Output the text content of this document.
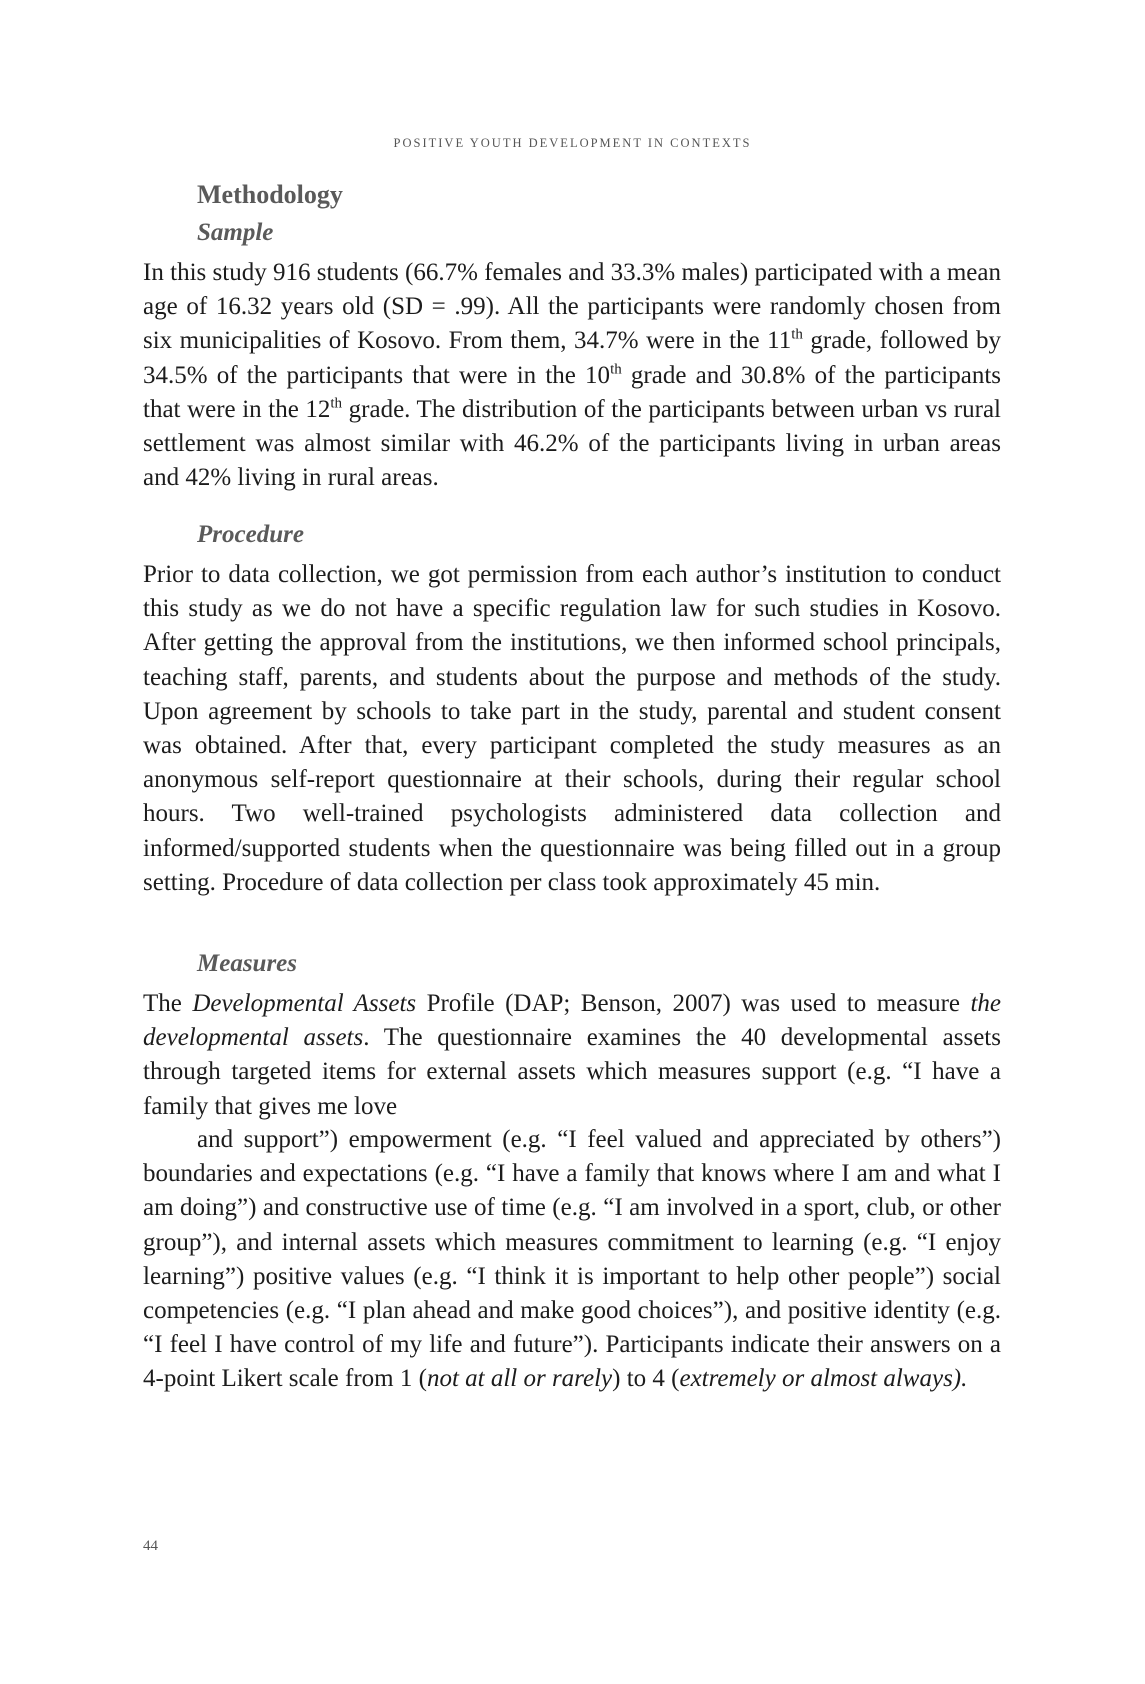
POSITIVE YOUTH DEVELOPMENT IN CONTEXTS
Methodology
Sample

In this study 916 students (66.7% females and 33.3% males) participated with a mean age of 16.32 years old (SD = .99). All the participants were randomly chosen from six municipalities of Kosovo. From them, 34.7% were in the 11th grade, followed by 34.5% of the participants that were in the 10th grade and 30.8% of the participants that were in the 12th grade. The distribution of the participants between urban vs rural settlement was almost similar with 46.2% of the participants living in urban areas and 42% living in rural areas.

Procedure

Prior to data collection, we got permission from each author’s institution to conduct this study as we do not have a specific regulation law for such studies in Kosovo. After getting the approval from the institutions, we then informed school principals, teaching staff, parents, and students about the purpose and methods of the study. Upon agreement by schools to take part in the study, parental and student consent was obtained. After that, every participant completed the study measures as an anonymous self-report questionnaire at their schools, during their regular school hours. Two well-trained psychologists administered data collection and informed/supported students when the questionnaire was being filled out in a group setting. Procedure of data collection per class took approximately 45 min.

Measures

The Developmental Assets Profile (DAP; Benson, 2007) was used to measure the developmental assets. The questionnaire examines the 40 developmental assets through targeted items for external assets which measures support (e.g. “I have a family that gives me love

and support”) empowerment (e.g. “I feel valued and appreciated by others”) boundaries and expectations (e.g. “I have a family that knows where I am and what I am doing”) and constructive use of time (e.g. “I am involved in a sport, club, or other group”), and internal assets which measures commitment to learning (e.g. “I enjoy learning”) positive values (e.g. “I think it is important to help other people”) social competencies (e.g. “I plan ahead and make good choices”), and positive identity (e.g. “I feel I have control of my life and future”). Participants indicate their answers on a 4-point Likert scale from 1 (not at all or rarely) to 4 (extremely or almost always).

44
